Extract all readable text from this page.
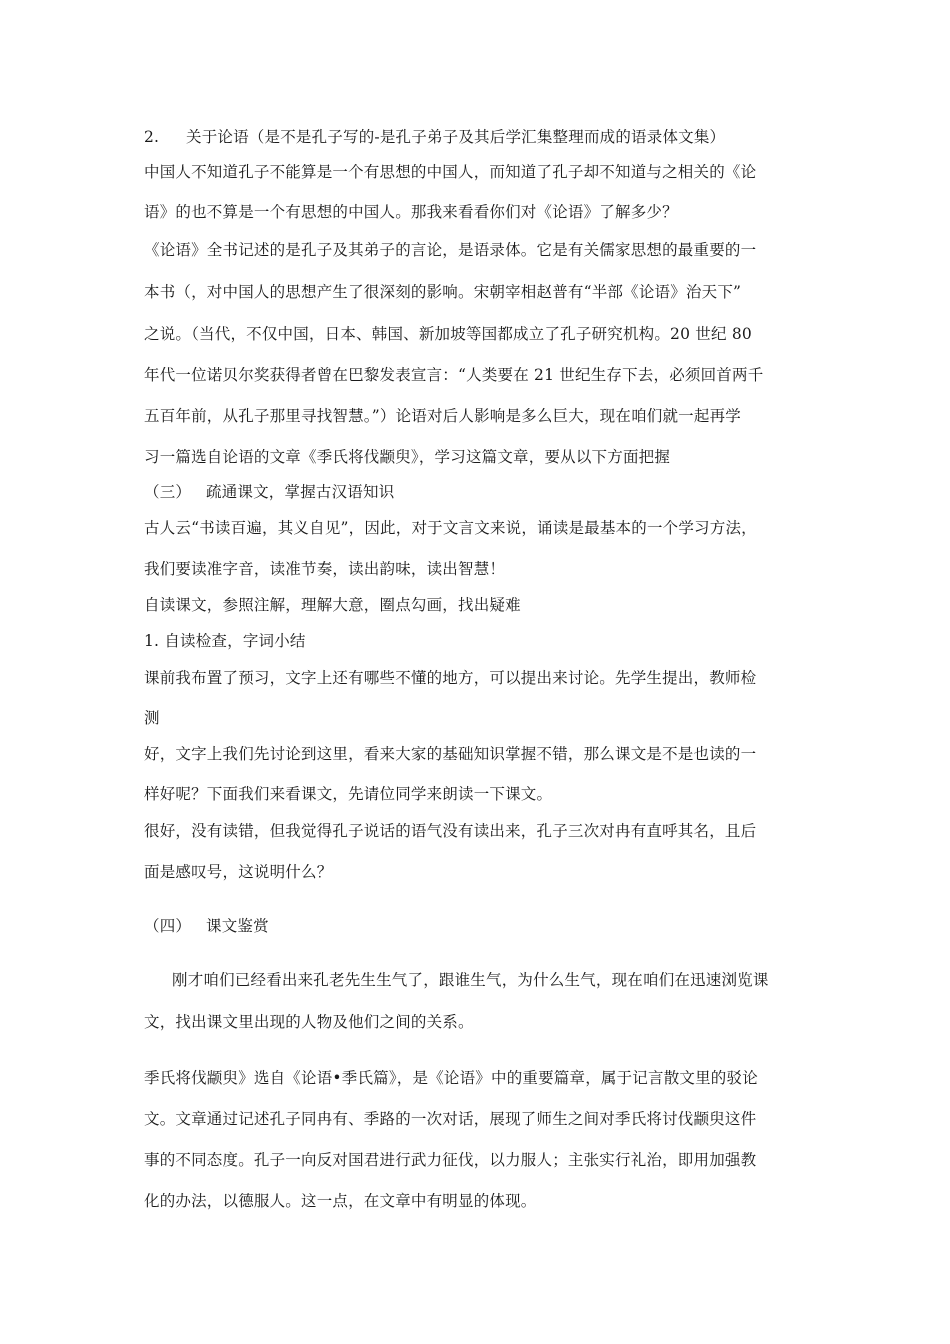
2. 关于论语（是不是孔子写的-是孔子弟子及其后学汇集整理而成的语录体文集）
中国人不知道孔子不能算是一个有思想的中国人，而知道了孔子却不知道与之相关的《论
语》的也不算是一个有思想的中国人。那我来看看你们对《论语》了解多少？
《论语》全书记述的是孔子及其弟子的言论，是语录体。它是有关儒家思想的最重要的一
本书（，对中国人的思想产生了很深刻的影响。宋朝宰相赵普有“半部《论语》治天下”
之说。（当代，不仅中国，日本、韩国、新加坡等国都成立了孔子研究机构。20 世纪 80
年代一位诺贝尔奖获得者曾在巴黎发表宣言：“人类要在 21 世纪生存下去，必须回首两千
五百年前，从孔子那里寻找智慧。”）论语对后人影响是多么巨大，现在咱们就一起再学
习一篇选自论语的文章《季氏将伐颛臾》，学习这篇文章，要从以下方面把握
（三） 疏通课文，掌握古汉语知识
古人云“书读百遍，其义自见”，因此，对于文言文来说，诵读是最基本的一个学习方法，
我们要读准字音，读准节奏，读出韵味，读出智慧！
自读课文，参照注解，理解大意，圈点勾画，找出疑难
1. 自读检查，字词小结
课前我布置了预习，文字上还有哪些不懂的地方，可以提出来讨论。先学生提出，教师检
测
好，文字上我们先讨论到这里，看来大家的基础知识掌握不错，那么课文是不是也读的一
样好呢？下面我们来看课文，先请位同学来朗读一下课文。
很好，没有读错，但我觉得孔子说话的语气没有读出来，孔子三次对冉有直呼其名，且后
面是感叹号，这说明什么？
（四） 课文鉴赏
刚才咱们已经看出来孔老先生生气了，跟谁生气，为什么生气，现在咱们在迅速浏览课
文，找出课文里出现的人物及他们之间的关系。
季氏将伐颛臾》选自《论语•季氏篇》，是《论语》中的重要篇章，属于记言散文里的驳论
文。文章通过记述孔子同冉有、季路的一次对话，展现了师生之间对季氏将讨伐颛臾这件
事的不同态度。孔子一向反对国君进行武力征伐，以力服人；主张实行礼治，即用加强教
化的办法，以德服人。这一点，在文章中有明显的体现。
